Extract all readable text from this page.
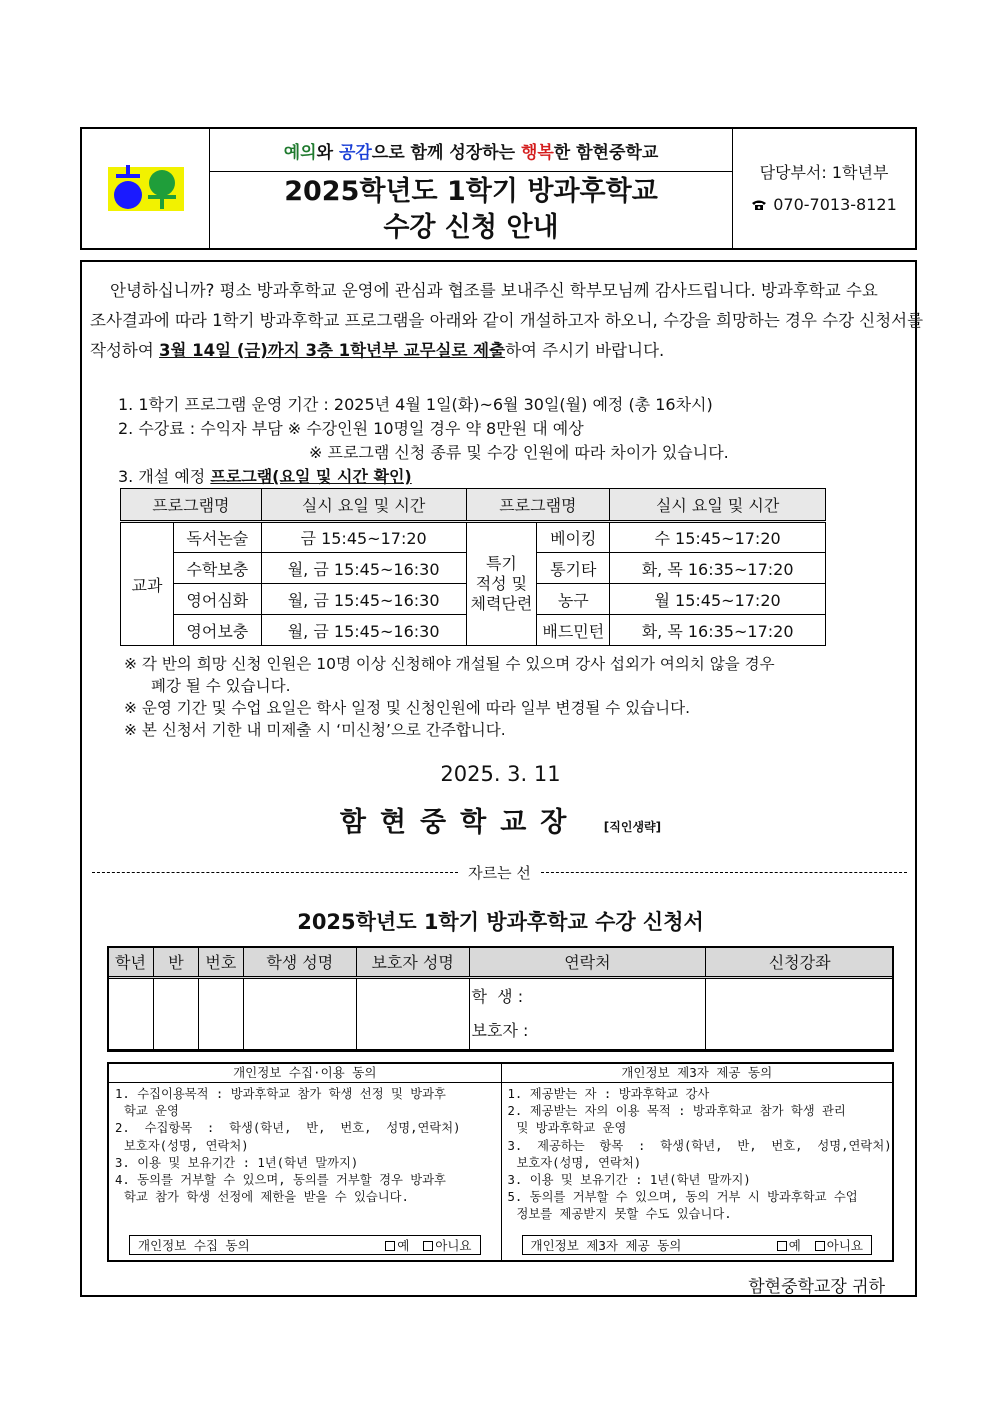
예의 와 공감 으로 함께 성장하는 행복 한 함현중학교
2025학년도 1학기 방과후학교
수강 신청 안내
담당부서: 1학년부
070-7013-8121
안녕하십니까? 평소 방과후학교 운영에 관심과 협조를 보내주신 학부모님께 감사드립니다. 방과후학교 수요
조사결과에 따라 1학기 방과후학교 프로그램을 아래와 같이 개설하고자 하오니, 수강을 희망하는 경우 수강 신청서를
작성하여 3월 14일 (금)까지 3층 1학년부 교무실로 제출하여 주시기 바랍니다.
1. 1학기 프로그램 운영 기간 : 2025년 4월 1일(화)~6월 30일(월) 예정 (총 16차시)
2. 수강료 : 수익자 부담 ※ 수강인원 10명일 경우 약 8만원 대 예상
※ 프로그램 신청 종류 및 수강 인원에 따라 차이가 있습니다.
3. 개설 예정 프로그램(요일 및 시간 확인)
프로그램명		실시 요일 및 시간	프로그램명		실시 요일 및 시간
교과	독서논술	금 15:45~17:20	특기
적성 및
체력단련	베이킹	수 15:45~17:20
	수학보충	월, 금 15:45~16:30		통기타	화, 목 16:35~17:20
	영어심화	월, 금 15:45~16:30		농구	월 15:45~17:20
	영어보충	월, 금 15:45~16:30		배드민턴	화, 목 16:35~17:20
※ 각 반의 희망 신청 인원은 10명 이상 신청해야 개설될 수 있으며 강사 섭외가 여의치 않을 경우
폐강 될 수 있습니다.
※ 운영 기간 및 수업 요일은 학사 일정 및 신청인원에 따라 일부 변경될 수 있습니다.
※ 본 신청서 기한 내 미제출 시 ‘미신청’으로 간주합니다.
2025. 3. 11
함현중학교장 [직인생략]
자르는 선
2025학년도 1학기 방과후학교 수강 신청서
학년	반	번호	학생 성명	보호자 성명	연락처	신청강좌

					학  생 :
보호자 :	

개인정보 수집·이용 동의
1. 수집이용목적 : 방과후학교 참가 학생 선정 및 방과후
학교 운영
2.  수집항목  :  학생(학년,  반,  번호,  성명,연락처)
보호자(성명, 연락처)
3. 이용 및 보유기간 : 1년(학년 말까지)
4. 동의를 거부할 수 있으며, 동의를 거부할 경우 방과후
학교 참가 학생 선정에 제한을 받을 수 있습니다.
개인정보 수집 동의	예	아니요
개인정보 제3자 제공 동의
1. 제공받는 자 : 방과후학교 강사
2. 제공받는 자의 이용 목적 : 방과후학교 참가 학생 관리
및 방과후학교 운영
3.  제공하는  항목  :  학생(학년,  반,  번호,  성명,연락처)
보호자(성명, 연락처)
3. 이용 및 보유기간 : 1년(학년 말까지)
5. 동의를 거부할 수 있으며, 동의 거부 시 방과후학교 수업
정보를 제공받지 못할 수도 있습니다.
개인정보 제3자 제공 동의	예	아니요
함현중학교장 귀하
